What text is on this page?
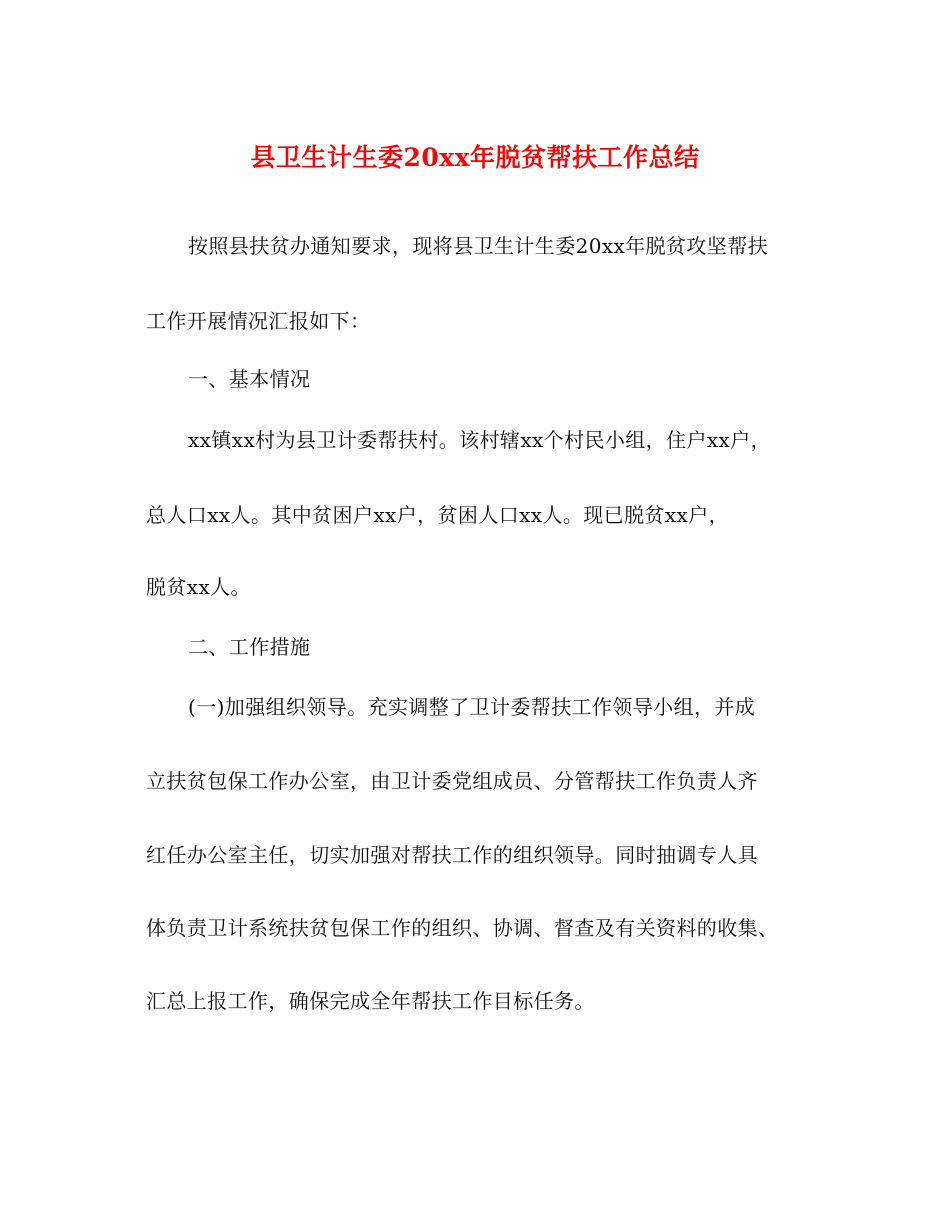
县卫生计生委20xx年脱贫帮扶工作总结
按照县扶贫办通知要求，现将县卫生计生委20xx年脱贫攻坚帮扶
工作开展情况汇报如下：
一、基本情况
xx镇xx村为县卫计委帮扶村。该村辖xx个村民小组，住户xx户，
总人口xx人。其中贫困户xx户，贫困人口xx人。现已脱贫xx户，
脱贫xx人。
二、工作措施
(一)加强组织领导。充实调整了卫计委帮扶工作领导小组，并成
立扶贫包保工作办公室，由卫计委党组成员、分管帮扶工作负责人齐
红任办公室主任，切实加强对帮扶工作的组织领导。同时抽调专人具
体负责卫计系统扶贫包保工作的组织、协调、督查及有关资料的收集、
汇总上报工作，确保完成全年帮扶工作目标任务。
